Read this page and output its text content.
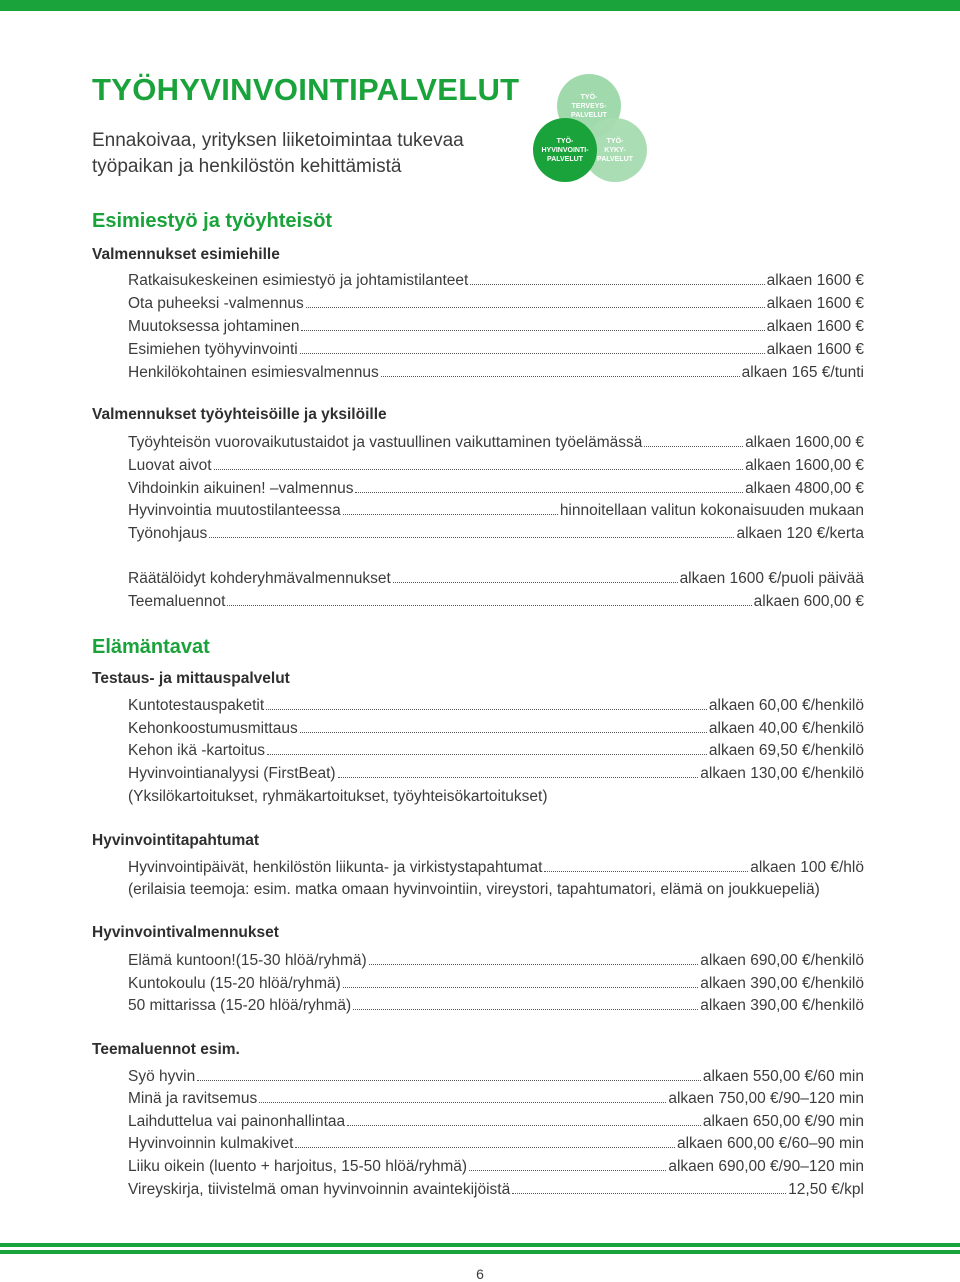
TYÖHYVINVOINTIPALVELUT
Ennakoivaa, yrityksen liiketoimintaa tukevaa
työpaikan ja henkilöstön kehittämistä
TYÖ-
TERVEYS-
PALVELUT
TYÖ-
KYKY-
PALVELUT
TYÖ-
HYVINVOINTI-
PALVELUT
Esimiestyö ja työyhteisöt
Valmennukset esimiehille
Ratkaisukeskeinen esimiestyö ja johtamistilanteet	alkaen 1600 €
Ota puheeksi -valmennus	alkaen 1600 €
Muutoksessa johtaminen	alkaen 1600 €
Esimiehen työhyvinvointi	alkaen 1600 €
Henkilökohtainen esimiesvalmennus	alkaen 165 €/tunti
Valmennukset työyhteisöille ja yksilöille
Työyhteisön vuorovaikutustaidot ja vastuullinen vaikuttaminen työelämässä	alkaen 1600,00 €
Luovat aivot	alkaen 1600,00 €
Vihdoinkin aikuinen! –valmennus	alkaen 4800,00 €
Hyvinvointia muutostilanteessa	hinnoitellaan valitun kokonaisuuden mukaan
Työnohjaus	alkaen 120 €/kerta
Räätälöidyt kohderyhmävalmennukset	alkaen 1600 €/puoli päivää
Teemaluennot	alkaen 600,00 €
Elämäntavat
Testaus- ja mittauspalvelut
Kuntotestauspaketit	alkaen 60,00 €/henkilö
Kehonkoostumusmittaus	alkaen 40,00 €/henkilö
Kehon ikä -kartoitus	alkaen 69,50 €/henkilö
Hyvinvointianalyysi (FirstBeat)	alkaen 130,00 €/henkilö
(Yksilökartoitukset, ryhmäkartoitukset, työyhteisökartoitukset)
Hyvinvointitapahtumat
Hyvinvointipäivät, henkilöstön liikunta- ja virkistystapahtumat	alkaen 100 €/hlö
(erilaisia teemoja: esim. matka omaan hyvinvointiin, vireystori, tapahtumatori, elämä on joukkuepeliä)
Hyvinvointivalmennukset
Elämä kuntoon!(15-30 hlöä/ryhmä)	alkaen 690,00 €/henkilö
Kuntokoulu (15-20 hlöä/ryhmä)	alkaen 390,00 €/henkilö
50 mittarissa (15-20 hlöä/ryhmä)	alkaen 390,00 €/henkilö
Teemaluennot esim.
Syö hyvin	alkaen 550,00 €/60 min
Minä ja ravitsemus	alkaen 750,00 €/90–120 min
Laihduttelua vai painonhallintaa	alkaen 650,00 €/90 min
Hyvinvoinnin kulmakivet	alkaen 600,00 €/60–90 min
Liiku oikein (luento + harjoitus, 15-50 hlöä/ryhmä)	alkaen 690,00 €/90–120 min
Vireyskirja, tiivistelmä oman hyvinvoinnin avaintekijöistä	12,50 €/kpl
6
